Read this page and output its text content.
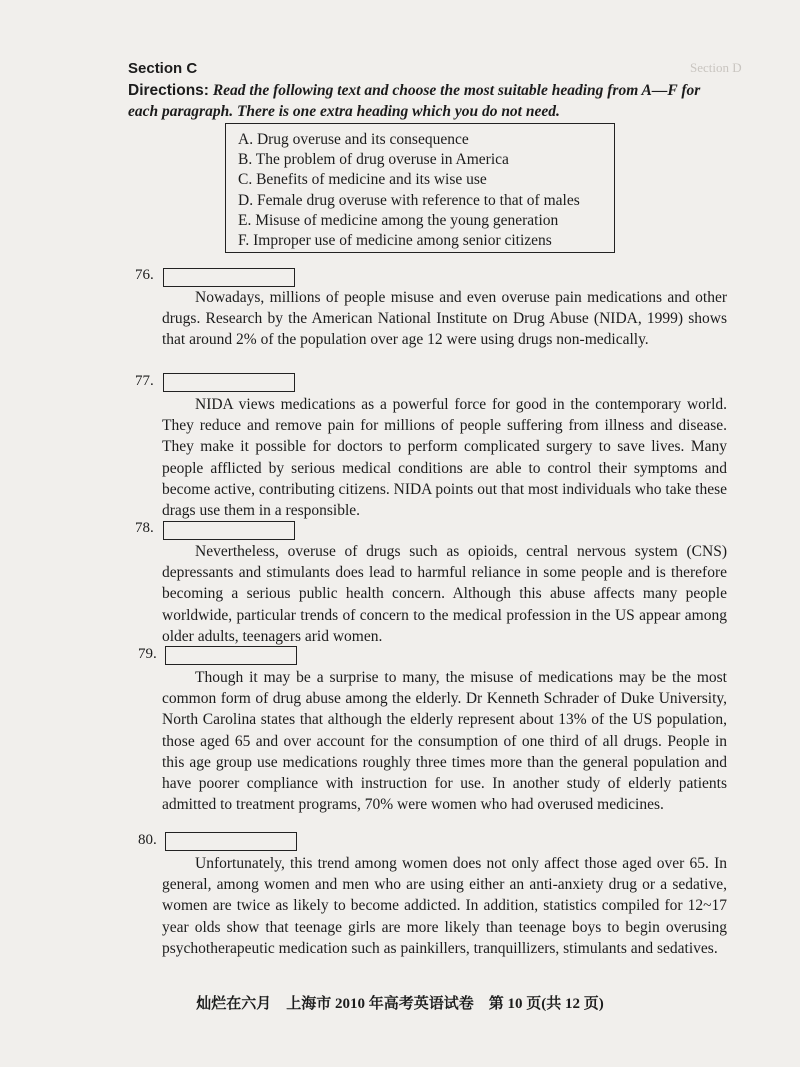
Section D
Section C
Directions: Read the following text and choose the most suitable heading from A—F for each paragraph. There is one extra heading which you do not need.
A. Drug overuse and its consequence
B. The problem of drug overuse in America
C. Benefits of medicine and its wise use
D. Female drug overuse with reference to that of males
E. Misuse of medicine among the young generation
F. Improper use of medicine among senior citizens
76.
Nowadays, millions of people misuse and even overuse pain medications and other drugs. Research by the American National Institute on Drug Abuse (NIDA, 1999) shows that around 2% of the population over age 12 were using drugs non-medically.
77.
NIDA views medications as a powerful force for good in the contemporary world. They reduce and remove pain for millions of people suffering from illness and disease. They make it possible for doctors to perform complicated surgery to save lives. Many people afflicted by serious medical conditions are able to control their symptoms and become active, contributing citizens. NIDA points out that most individuals who take these drags use them in a responsible.
78.
Nevertheless, overuse of drugs such as opioids, central nervous system (CNS) depressants and stimulants does lead to harmful reliance in some people and is therefore becoming a serious public health concern. Although this abuse affects many people worldwide, particular trends of concern to the medical profession in the US appear among older adults, teenagers arid women.
79.
Though it may be a surprise to many, the misuse of medications may be the most common form of drug abuse among the elderly. Dr Kenneth Schrader of Duke University, North Carolina states that although the elderly represent about 13% of the US population, those aged 65 and over account for the consumption of one third of all drugs. People in this age group use medications roughly three times more than the general population and have poorer compliance with instruction for use. In another study of elderly patients admitted to treatment programs, 70% were women who had overused medicines.
80.
Unfortunately, this trend among women does not only affect those aged over 65. In general, among women and men who are using either an anti-anxiety drug or a sedative, women are twice as likely to become addicted. In addition, statistics compiled for 12~17 year olds show that teenage girls are more likely than teenage boys to begin overusing psychotherapeutic medication such as painkillers, tranquillizers, stimulants and sedatives.
灿烂在六月　上海市 2010 年高考英语试卷　第 10 页(共 12 页)
